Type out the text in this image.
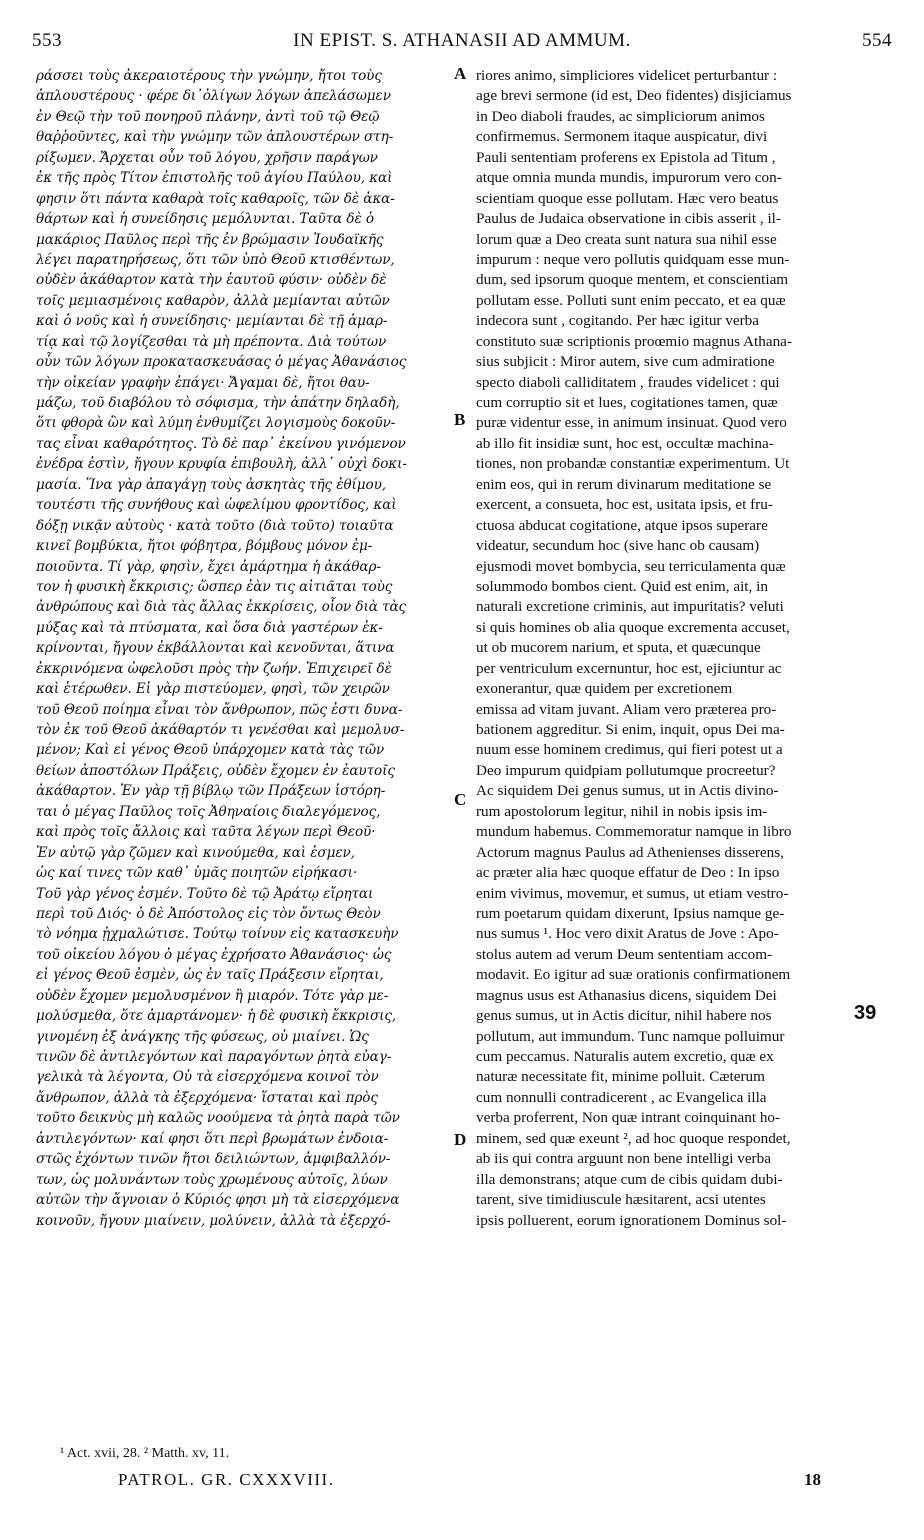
553	IN EPIST. S. ATHANASII AD AMMUM.	554
ράσσει τοὺς ἀκεραιοτέρους τὴν γνώμην, ἤτοι τοὺς
ἁπλουστέρους · φέρε δι᾽ὀλίγων λόγων ἀπελάσωμεν
ἐν Θεῷ τὴν τοῦ πονηροῦ πλάνην, ἀντὶ τοῦ τῷ Θεῷ
θαῤῥοῦντες, καὶ τὴν γνώμην τῶν ἁπλουστέρων στη-
ρίξωμεν. Ἄρχεται οὖν τοῦ λόγου, χρῆσιν παράγων
ἐκ τῆς πρὸς Τίτον ἐπιστολῆς τοῦ ἁγίου Παύλου, καὶ
φησιν ὅτι πάντα καθαρὰ τοῖς καθαροῖς, τῶν δὲ ἀκα-
θάρτων καὶ ἡ συνείδησις μεμόλυνται. Ταῦτα δὲ ὁ
μακάριος Παῦλος περὶ τῆς ἐν βρώμασιν Ἰουδαϊκῆς
λέγει παρατηρήσεως, ὅτι τῶν ὑπὸ Θεοῦ κτισθέντων,
οὐδὲν ἀκάθαρτον κατὰ τὴν ἑαυτοῦ φύσιν· οὐδὲν δὲ
τοῖς μεμιασμένοις καθαρὸν, ἀλλὰ μεμίανται αὐτῶν
καὶ ὁ νοῦς καὶ ἡ συνείδησις· μεμίανται δὲ τῇ ἁμαρ-
τίᾳ καὶ τῷ λογίζεσθαι τὰ μὴ πρέποντα. Διὰ τούτων
οὖν τῶν λόγων προκατασκευάσας ὁ μέγας Ἀθανάσιος
τὴν οἰκείαν γραφὴν ἐπάγει· Ἄγαμαι δὲ, ἤτοι θαυ-
μάζω, τοῦ διαβόλου τὸ σόφισμα, τὴν ἀπάτην δηλαδὴ,
ὅτι φθορὰ ὢν καὶ λύμη ἐνθυμίζει λογισμοὺς δοκοῦν-
τας εἶναι καθαρότητος. Τὸ δὲ παρ᾽ ἐκείνου γινόμενον
ἐνέδρα ἐστὶν, ἤγουν κρυφία ἐπιβουλὴ, ἀλλ᾽ οὐχὶ δοκι-
μασία. Ἵνα γὰρ ἀπαγάγῃ τοὺς ἀσκητὰς τῆς ἐθίμου,
τουτέστι τῆς συνήθους καὶ ὠφελίμου φροντίδος, καὶ
δόξῃ νικᾷν αὐτοὺς · κατὰ τοῦτο (διὰ τοῦτο) τοιαῦτα
κινεῖ βομβύκια, ἤτοι φόβητρα, βόμβους μόνον ἐμ-
ποιοῦντα. Τί γὰρ, φησὶν, ἔχει ἁμάρτημα ἡ ἀκάθαρ-
τον ἡ φυσικὴ ἔκκρισις; ὥσπερ ἐὰν τις αἰτιᾶται τοὺς
ἀνθρώπους καὶ διὰ τὰς ἄλλας ἐκκρίσεις, οἷον διὰ τὰς
μύξας καὶ τὰ πτύσματα, καὶ ὅσα διὰ γαστέρων ἐκ-
κρίνονται, ἤγουν ἐκβάλλονται καὶ κενοῦνται, ἅτινα
ἐκκρινόμενα ὠφελοῦσι πρὸς τὴν ζωήν. Ἐπιχειρεῖ δὲ
καὶ ἑτέρωθεν. Εἰ γὰρ πιστεύομεν, φησὶ, τῶν χειρῶν
τοῦ Θεοῦ ποίημα εἶναι τὸν ἄνθρωπον, πῶς ἐστι δυνα-
τὸν ἐκ τοῦ Θεοῦ ἀκάθαρτόν τι γενέσθαι καὶ μεμολυσ-
μένον; Καὶ εἰ γένος Θεοῦ ὑπάρχομεν κατὰ τὰς τῶν
θείων ἀποστόλων Πράξεις, οὐδὲν ἔχομεν ἐν ἑαυτοῖς
ἀκάθαρτον. Ἐν γὰρ τῇ βίβλῳ τῶν Πράξεων ἱστόρη-
ται ὁ μέγας Παῦλος τοῖς Ἀθηναίοις διαλεγόμενος,
καὶ πρὸς τοῖς ἄλλοις καὶ ταῦτα λέγων περὶ Θεοῦ·
Ἐν αὐτῷ γὰρ ζῶμεν καὶ κινούμεθα, καὶ ἐσμεν,
ὡς καί τινες τῶν καθ᾽ ὑμᾶς ποιητῶν εἰρήκασι·
Τοῦ γὰρ γένος ἐσμέν. Τοῦτο δὲ τῷ Ἀράτῳ εἴρηται
περὶ τοῦ Διός· ὁ δὲ Ἀπόστολος εἰς τὸν ὄντως Θεὸν
τὸ νόημα ᾐχμαλώτισε. Τούτῳ τοίνυν εἰς κατασκευὴν
τοῦ οἰκείου λόγου ὁ μέγας ἐχρήσατο Ἀθανάσιος· ὡς
εἰ γένος Θεοῦ ἐσμὲν, ὡς ἐν ταῖς Πράξεσιν εἴρηται,
οὐδὲν ἔχομεν μεμολυσμένον ἢ μιαρόν. Τότε γὰρ με-
μολύσμεθα, ὅτε ἁμαρτάνομεν· ἡ δὲ φυσικὴ ἔκκρισις,
γινομένη ἐξ ἀνάγκης τῆς φύσεως, οὐ μιαίνει. Ὡς
τινῶν δὲ ἀντιλεγόντων καὶ παραγόντων ῥητὰ εὐαγ-
γελικὰ τὰ λέγοντα, Οὐ τὰ εἰσερχόμενα κοινοῖ τὸν
ἄνθρωπον, ἀλλὰ τὰ ἐξερχόμενα· ἵσταται καὶ πρὸς
τοῦτο δεικνὺς μὴ καλῶς νοούμενα τὰ ῥητὰ παρὰ τῶν
ἀντιλεγόντων· καί φησι ὅτι περὶ βρωμάτων ἐνδοια-
στῶς ἐχόντων τινῶν ἤτοι δειλιώντων, ἀμφιβαλλόν-
των, ὡς μολυνάντων τοὺς χρωμένους αὐτοῖς, λύων
αὐτῶν τὴν ἄγνοιαν ὁ Κύριός φησι μὴ τὰ εἰσερχόμενα
κοινοῦν, ἤγουν μιαίνειν, μολύνειν, ἀλλὰ τὰ ἐξερχό-
riores animo, simpliciores videlicet perturbantur :
age brevi sermone (id est, Deo fidentes) disjiciamus
in Deo diaboli fraudes, ac simpliciorum animos
confirmemus. Sermonem itaque auspicatur, divi
Pauli sententiam proferens ex Epistola ad Titum ,
atque omnia munda mundis, impurorum vero con-
scientiam quoque esse pollutam. Hæc vero beatus
Paulus de Judaica observatione in cibis asserit , il-
lorum quæ a Deo creata sunt natura sua nihil esse
impurum : neque vero pollutis quidquam esse mun-
dum, sed ipsorum quoque mentem, et conscientiam
pollutam esse. Polluti sunt enim peccato, et ea quæ
indecora sunt , cogitando. Per hæc igitur verba
constituto suæ scriptionis proœmio magnus Athana-
sius subjicit : Miror autem, sive cum admiratione
specto diaboli calliditatem , fraudes videlicet : qui
cum corruptio sit et lues, cogitationes tamen, quæ
puræ videntur esse, in animum insinuat. Quod vero
ab illo fit insidiæ sunt, hoc est, occultæ machina-
tiones, non probandæ constantiæ experimentum. Ut
enim eos, qui in rerum divinarum meditatione se
exercent, a consueta, hoc est, usitata ipsis, et fru-
ctuosa abducat cogitatione, atque ipsos superare
videatur, secundum hoc (sive hanc ob causam)
ejusmodi movet bombycia, seu terriculamenta quæ
solummodo bombos cient. Quid est enim, ait, in
naturali excretione criminis, aut impuritatis? veluti
si quis homines ob alia quoque excrementa accuset,
ut ob mucorem narium, et sputa, et quæcunque
per ventriculum excernuntur, hoc est, ejiciuntur ac
exonerantur, quæ quidem per excretionem
emissa ad vitam juvant. Aliam vero præterea pro-
bationem aggreditur. Si enim, inquit, opus Dei ma-
nuum esse hominem credimus, qui fieri potest ut a
Deo impurum quidpiam pollutumque procreetur?
Ac siquidem Dei genus sumus, ut in Actis divino-
rum apostolorum legitur, nihil in nobis ipsis im-
mundum habemus. Commemoratur namque in libro
Actorum magnus Paulus ad Athenienses disserens,
ac præter alia hæc quoque effatur de Deo : In ipso
enim vivimus, movemur, et sumus, ut etiam vestro-
rum poetarum quidam dixerunt, Ipsius namque ge-
nus sumus ¹. Hoc vero dixit Aratus de Jove : Apo-
stolus autem ad verum Deum sententiam accom-
modavit. Eo igitur ad suæ orationis confirmationem
magnus usus est Athanasius dicens, siquidem Dei
genus sumus, ut in Actis dicitur, nihil habere nos
pollutum, aut immundum. Tunc namque polluimur
cum peccamus. Naturalis autem excretio, quæ ex
naturæ necessitate fit, minime polluit. Cæterum
cum nonnulli contradicerent , ac Evangelica illa
verba proferrent, Non quæ intrant coinquinant ho-
minem, sed quæ exeunt ², ad hoc quoque respondet,
ab iis qui contra arguunt non bene intelligi verba
illa demonstrans; atque cum de cibis quidam dubi-
tarent, sive timidiuscule hæsitarent, acsi utentes
ipsis polluerent, eorum ignorationem Dominus sol-
A
B
C
D
39
¹ Act. xvii, 28. ² Matth. xv, 11.
PATROL. GR. CXXXVIII.	18
